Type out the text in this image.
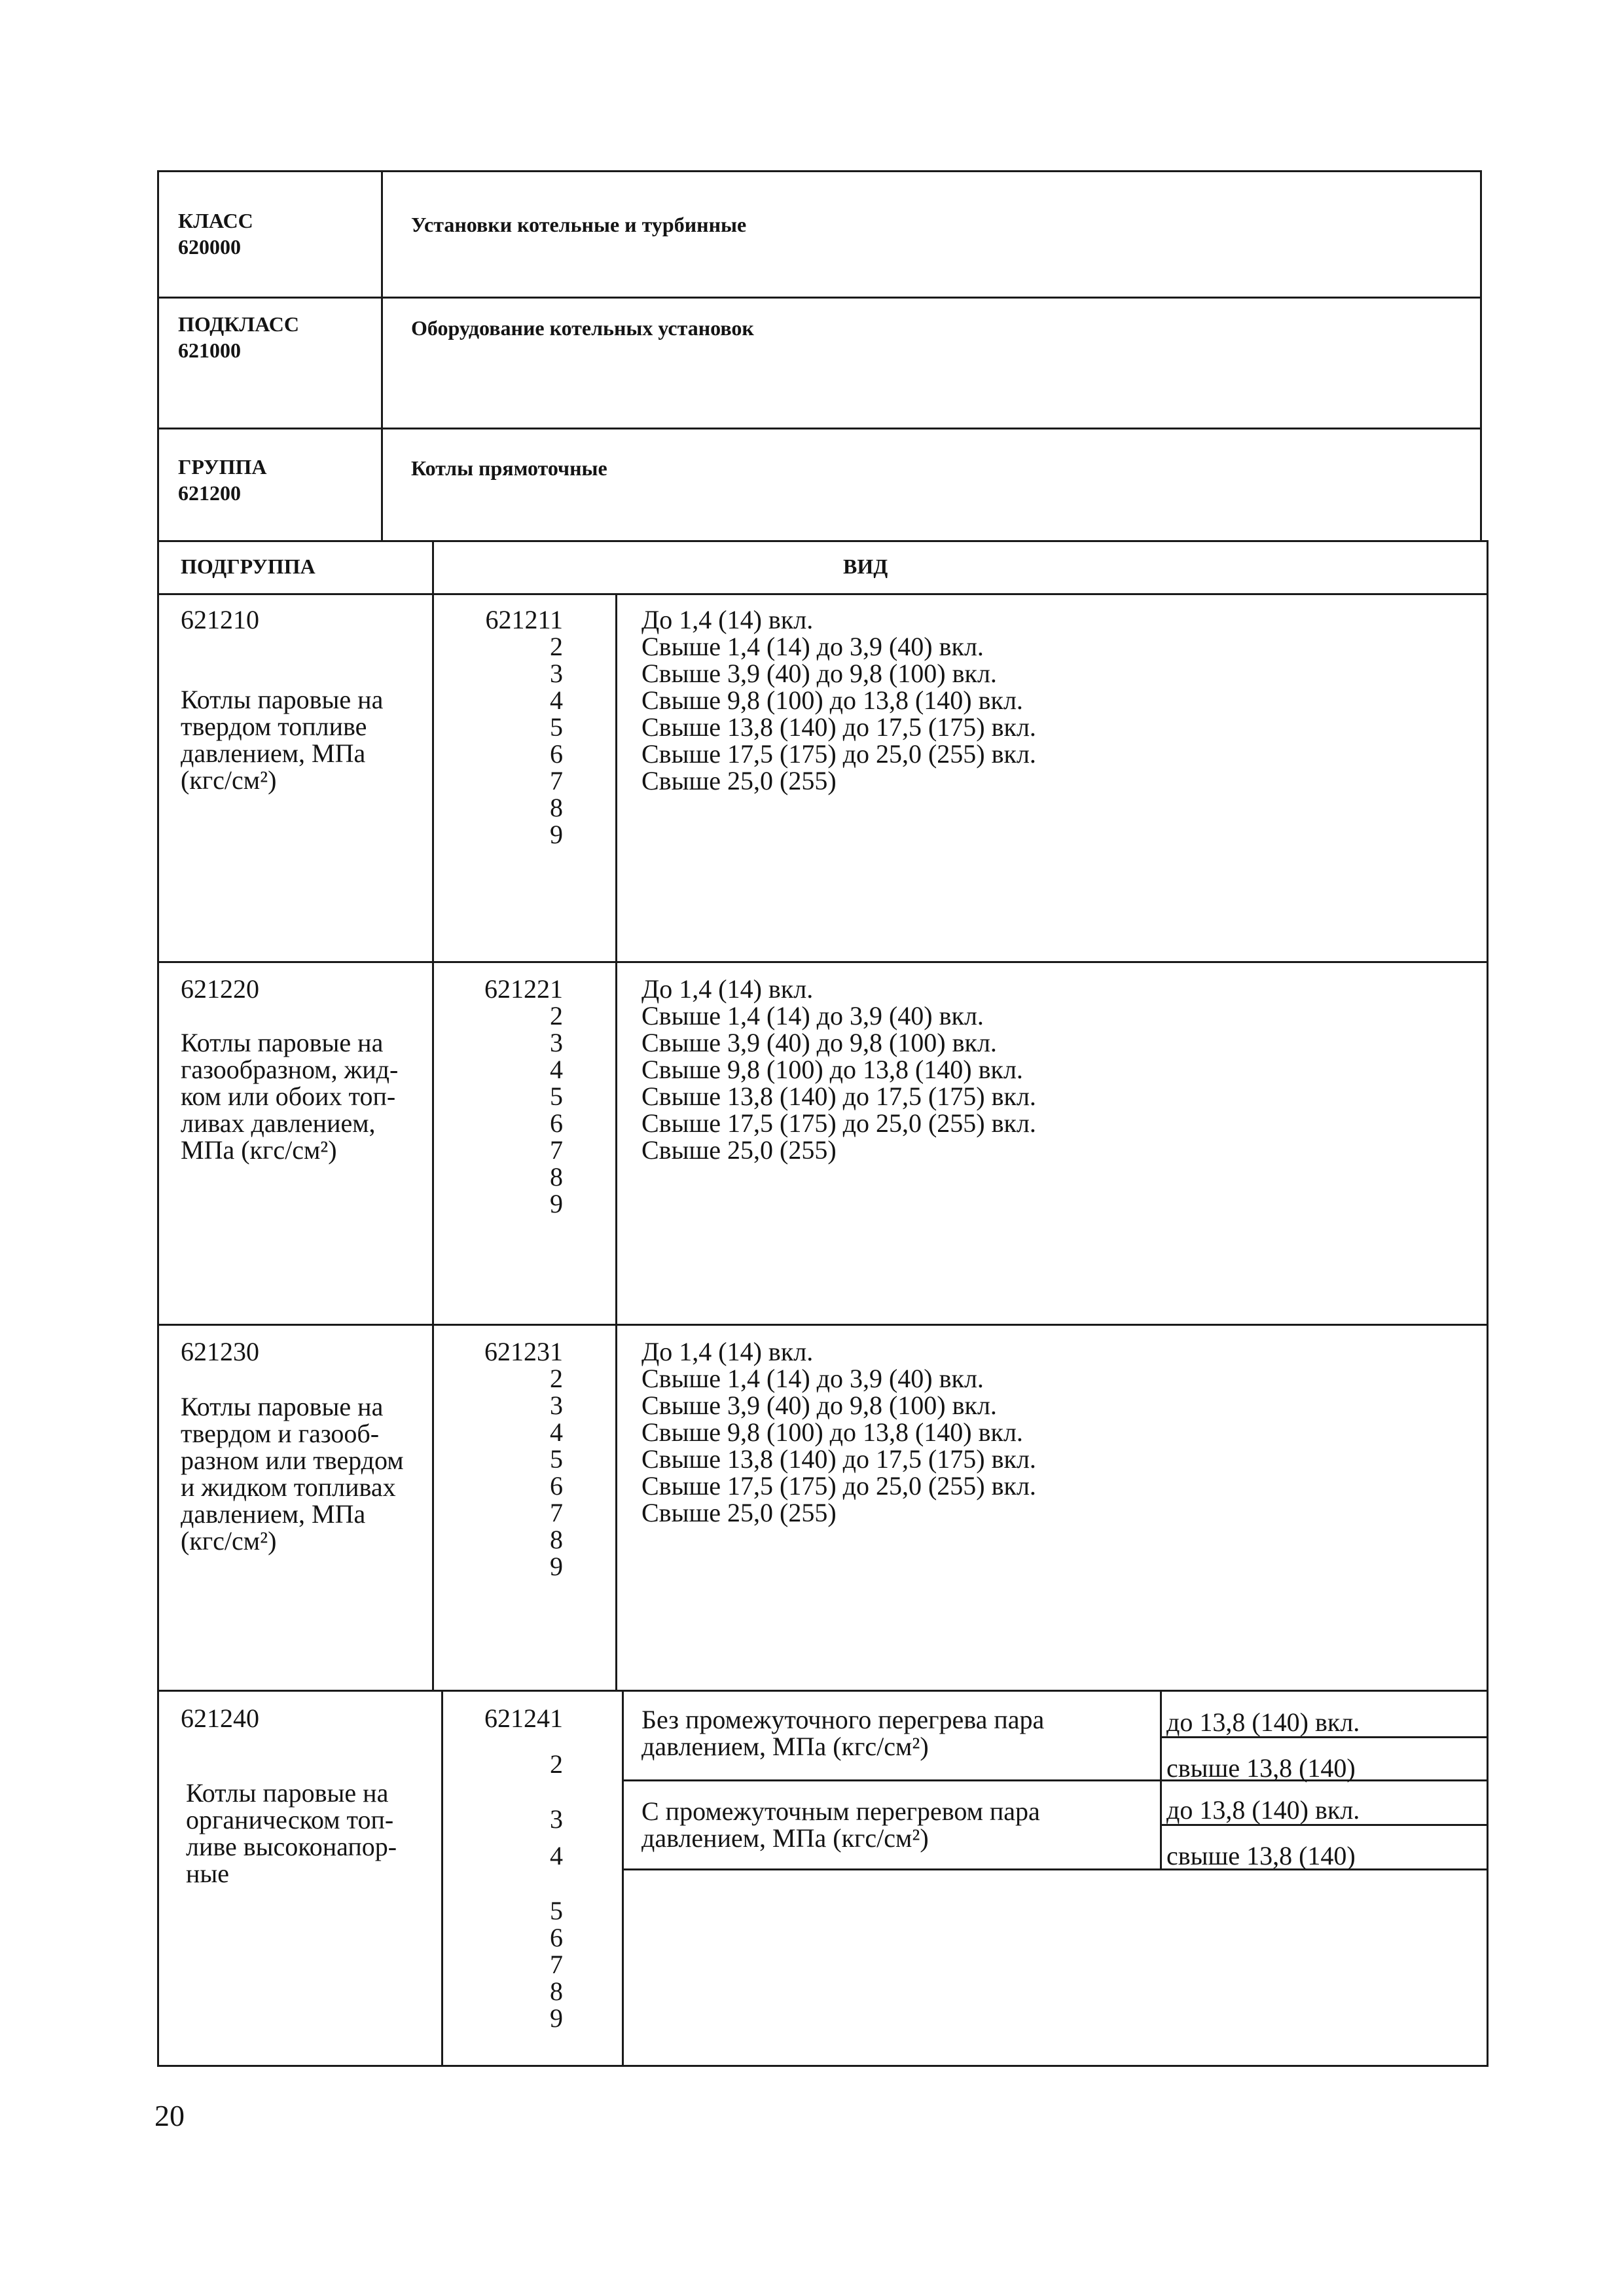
КЛАСС
620000
Установки котельные и турбинные
ПОДКЛАСС
621000
Оборудование котельных установок
ГРУППА
621200
Котлы прямоточные
ПОДГРУППА	ВИД
621210
Котлы паровые на
твердом топливе
давлением, МПа
(кгс/см²)
621211
2
3
4
5
6
7
8
9
До 1,4 (14) вкл.
Свыше 1,4 (14) до 3,9 (40) вкл.
Свыше 3,9 (40) до 9,8 (100) вкл.
Свыше 9,8 (100) до 13,8 (140) вкл.
Свыше 13,8 (140) до 17,5 (175) вкл.
Свыше 17,5 (175) до 25,0 (255) вкл.
Свыше 25,0 (255)
621220
Котлы паровые на
газообразном, жид-
ком или обоих топ-
ливах давлением,
МПа (кгс/см²)
621221
2
3
4
5
6
7
8
9
До 1,4 (14) вкл.
Свыше 1,4 (14) до 3,9 (40) вкл.
Свыше 3,9 (40) до 9,8 (100) вкл.
Свыше 9,8 (100) до 13,8 (140) вкл.
Свыше 13,8 (140) до 17,5 (175) вкл.
Свыше 17,5 (175) до 25,0 (255) вкл.
Свыше 25,0 (255)
621230
Котлы паровые на
твердом и газооб-
разном или твердом
и жидком топливах
давлением, МПа
(кгс/см²)
621231
2
3
4
5
6
7
8
9
До 1,4 (14) вкл.
Свыше 1,4 (14) до 3,9 (40) вкл.
Свыше 3,9 (40) до 9,8 (100) вкл.
Свыше 9,8 (100) до 13,8 (140) вкл.
Свыше 13,8 (140) до 17,5 (175) вкл.
Свыше 17,5 (175) до 25,0 (255) вкл.
Свыше 25,0 (255)
621240
Котлы паровые на
органическом топ-
ливе высоконапор-
ные
621241
2
3
4
5
6
7
8
9
Без промежуточного перегрева пара
давлением, МПа (кгс/см²)
до 13,8 (140) вкл.
свыше 13,8 (140)
С промежуточным перегревом пара
давлением, МПа (кгс/см²)
до 13,8 (140) вкл.
свыше 13,8 (140)
20
